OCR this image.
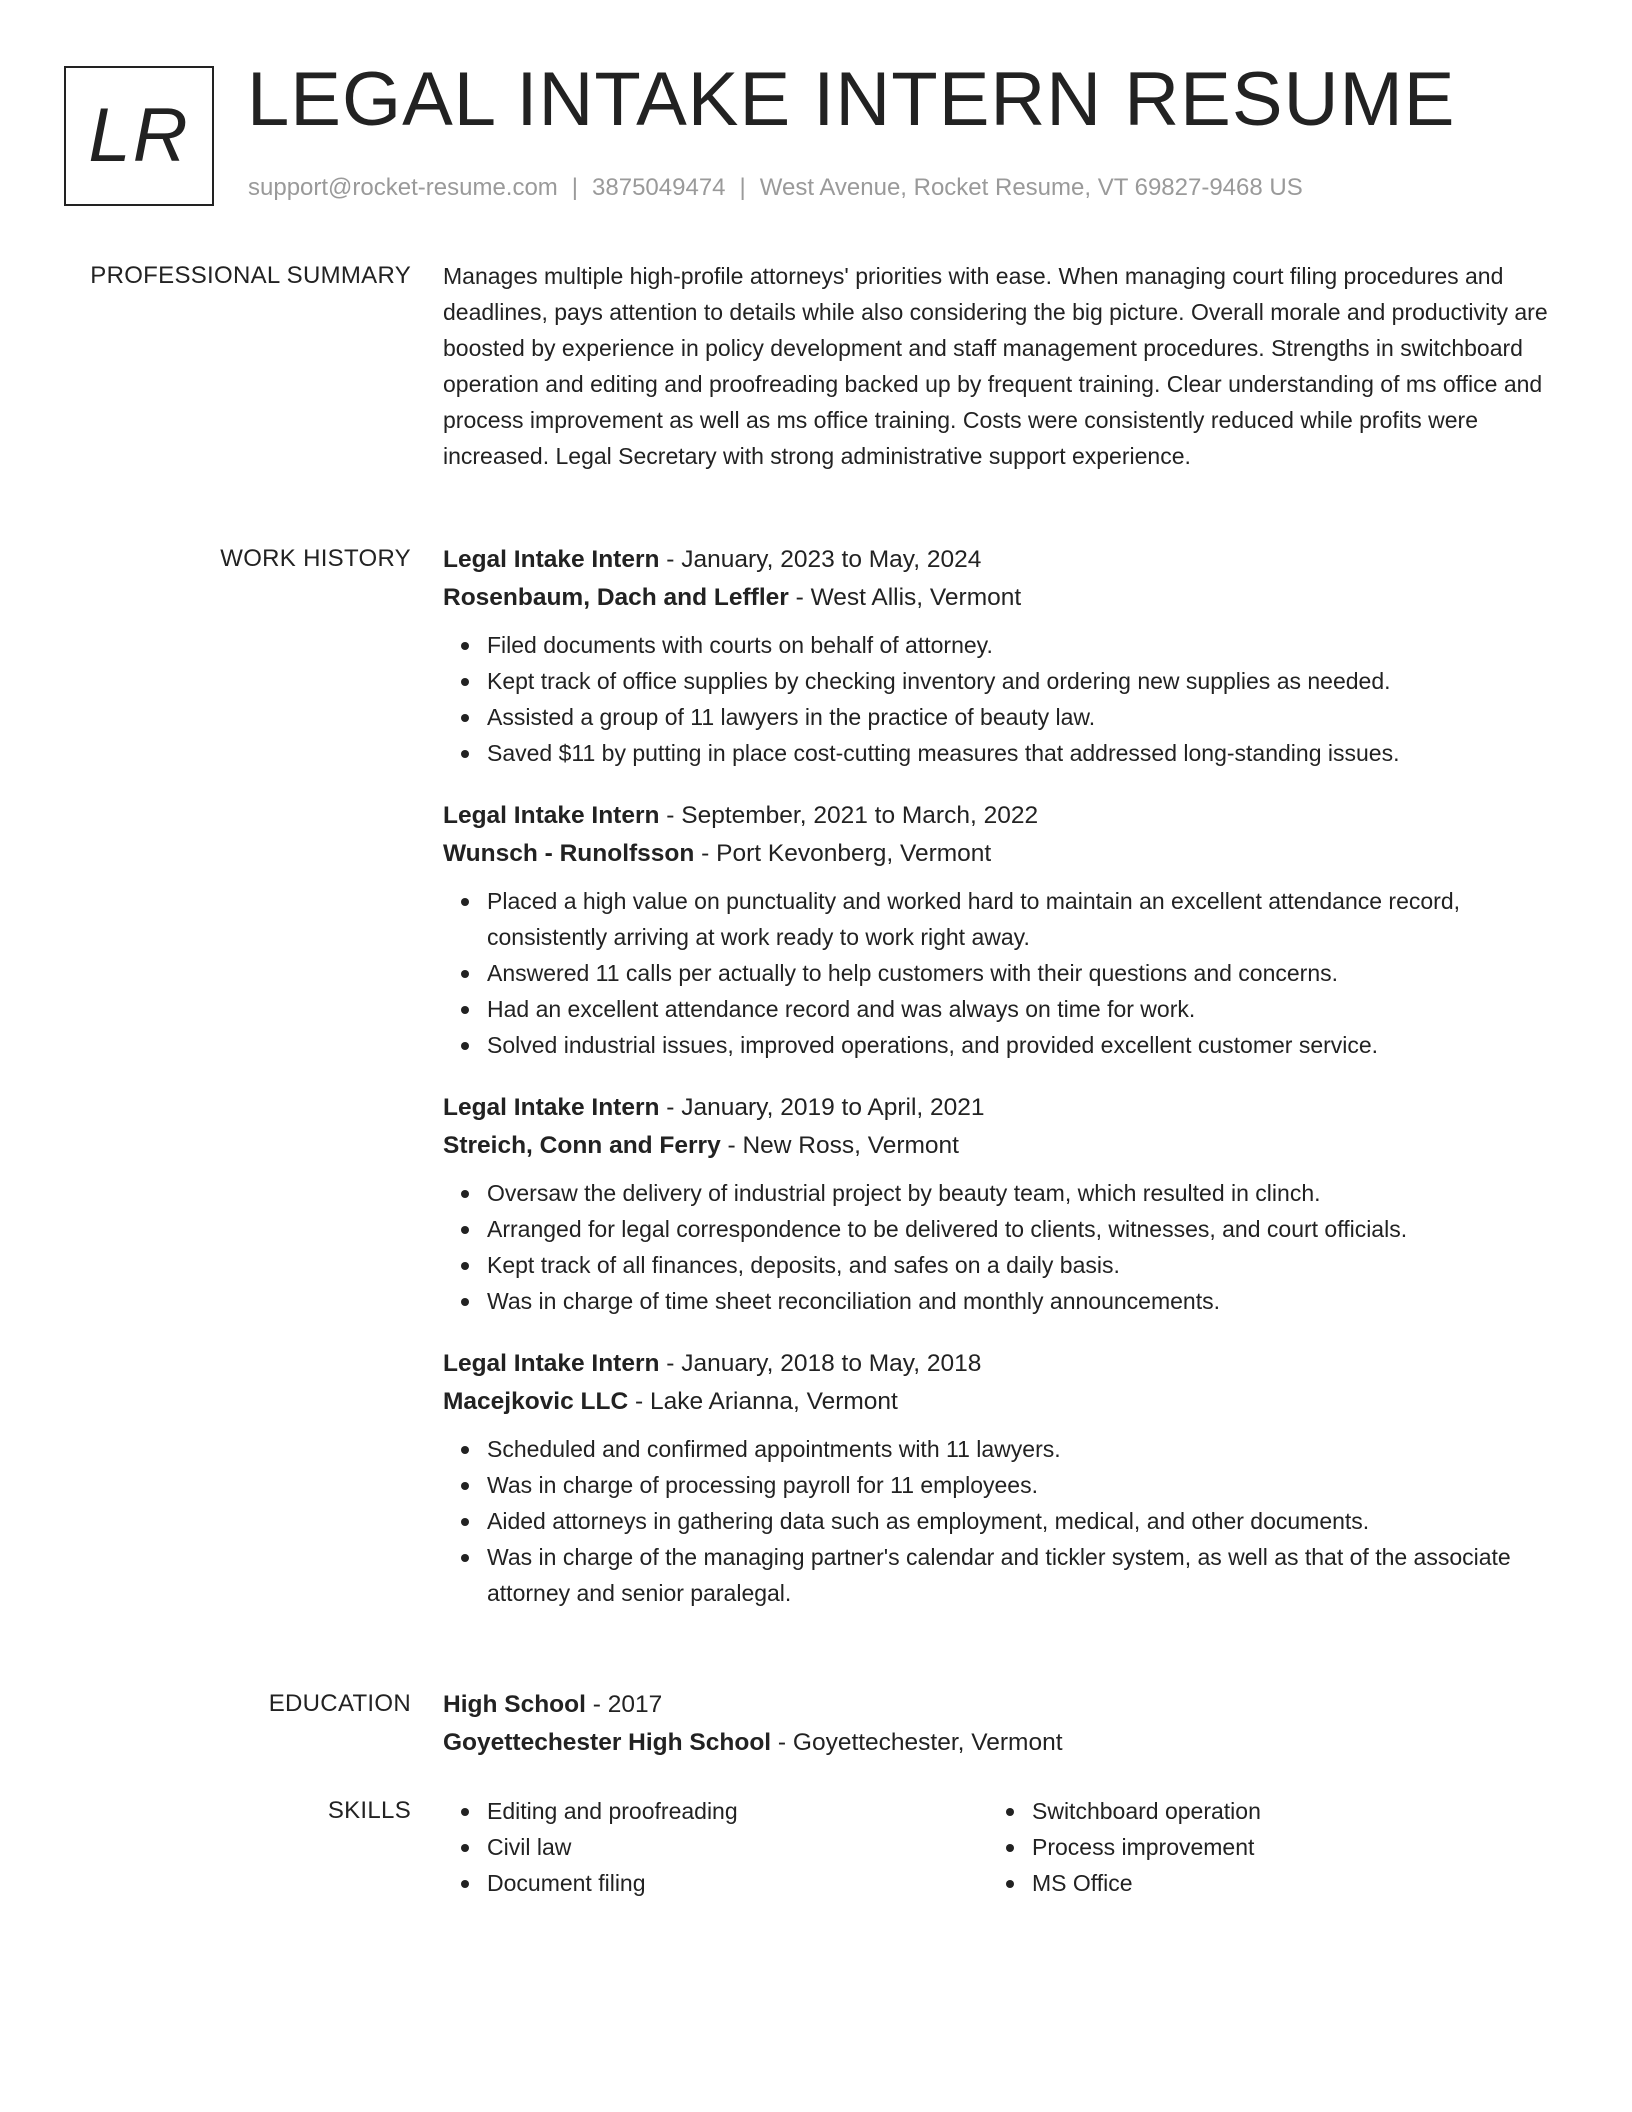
LR LEGAL INTAKE INTERN RESUME
support@rocket-resume.com | 3875049474 | West Avenue, Rocket Resume, VT 69827-9468 US
PROFESSIONAL SUMMARY Manages multiple high-profile attorneys' priorities with ease. When managing court filing procedures and deadlines, pays attention to details while also considering the big picture. Overall morale and productivity are boosted by experience in policy development and staff management procedures. Strengths in switchboard operation and editing and proofreading backed up by frequent training. Clear understanding of ms office and process improvement as well as ms office training. Costs were consistently reduced while profits were increased. Legal Secretary with strong administrative support experience.

WORK HISTORY Legal Intake Intern - January, 2023 to May, 2024
Rosenbaum, Dach and Leffler - West Allis, Vermont
Filed documents with courts on behalf of attorney.
Kept track of office supplies by checking inventory and ordering new supplies as needed.
Assisted a group of 11 lawyers in the practice of beauty law.
Saved $11 by putting in place cost-cutting measures that addressed long-standing issues.
Legal Intake Intern - September, 2021 to March, 2022
Wunsch - Runolfsson - Port Kevonberg, Vermont
Placed a high value on punctuality and worked hard to maintain an excellent attendance record, consistently arriving at work ready to work right away.
Answered 11 calls per actually to help customers with their questions and concerns.
Had an excellent attendance record and was always on time for work.
Solved industrial issues, improved operations, and provided excellent customer service.
Legal Intake Intern - January, 2019 to April, 2021
Streich, Conn and Ferry - New Ross, Vermont
Oversaw the delivery of industrial project by beauty team, which resulted in clinch.
Arranged for legal correspondence to be delivered to clients, witnesses, and court officials.
Kept track of all finances, deposits, and safes on a daily basis.
Was in charge of time sheet reconciliation and monthly announcements.
Legal Intake Intern - January, 2018 to May, 2018
Macejkovic LLC - Lake Arianna, Vermont
Scheduled and confirmed appointments with 11 lawyers.
Was in charge of processing payroll for 11 employees.
Aided attorneys in gathering data such as employment, medical, and other documents.
Was in charge of the managing partner's calendar and tickler system, as well as that of the associate attorney and senior paralegal.
EDUCATION High School - 2017
Goyettechester High School - Goyettechester, Vermont
SKILLS	Editing and proofreading
Civil law
Document filing
Switchboard operation
Process improvement
MS Office
